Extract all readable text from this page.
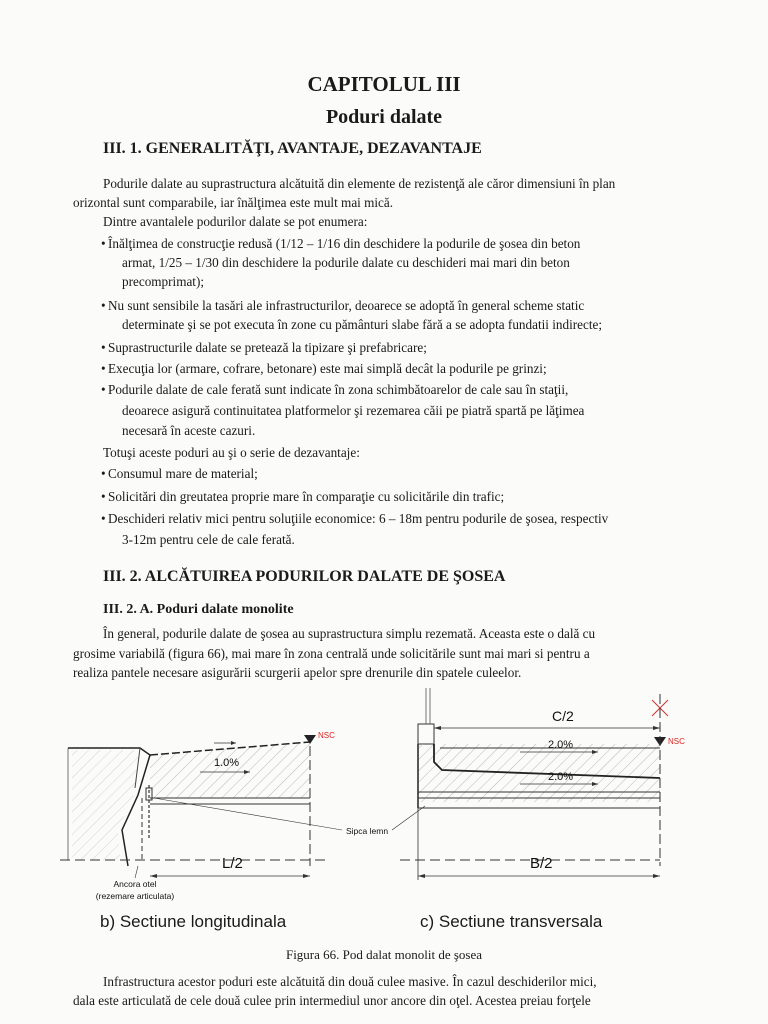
CAPITOLUL III
Poduri dalate
III. 1. GENERALITĂŢI, AVANTAJE, DEZAVANTAJE
Podurile dalate au suprastructura alcătuită din elemente de rezistenţă ale căror dimensiuni în plan
orizontal sunt comparabile, iar înălţimea este mult mai mică.
Dintre avantalele podurilor dalate se pot enumera:
• Înălţimea de construcţie redusă (1/12 – 1/16 din deschidere la podurile de şosea din beton
armat, 1/25 – 1/30 din deschidere la podurile dalate cu deschideri mai mari din beton
precomprimat);
• Nu sunt sensibile la tasări ale infrastructurilor, deoarece se adoptă în general scheme static
determinate şi se pot executa în zone cu pământuri slabe fără a se adopta fundatii indirecte;
• Suprastructurile dalate se pretează la tipizare şi prefabricare;
• Execuţia lor (armare, cofrare, betonare) este mai simplă decât la podurile pe grinzi;
• Podurile dalate de cale ferată sunt indicate în zona schimbătoarelor de cale sau în staţii,
deoarece asigură continuitatea platformelor şi rezemarea căii pe piatră spartă pe lăţimea
necesară în aceste cazuri.
Totuşi aceste poduri au şi o serie de dezavantaje:
• Consumul mare de material;
• Solicitări din greutatea proprie mare în comparaţie cu solicitările din trafic;
• Deschideri relativ mici pentru soluţiile economice: 6 – 18m pentru podurile de şosea, respectiv
3-12m pentru cele de cale ferată.
III. 2. ALCĂTUIREA PODURILOR DALATE DE ŞOSEA
III. 2. A. Poduri dalate monolite
În general, podurile dalate de şosea au suprastructura simplu rezemată. Aceasta este o dală cu
grosime variabilă (figura 66), mai mare în zona centrală unde solicitările sunt mai mari si pentru a
realiza pantele necesare asigurării scurgerii apelor spre drenurile din spatele culeelor.
1.0%
NSC
L/2
Ancora otel
(rezemare articulata)
Sipca lemn
C/2
2.0%
2.0%
NSC
B/2
b) Sectiune longitudinala	c) Sectiune transversala
Figura 66. Pod dalat monolit de şosea
Infrastructura acestor poduri este alcătuită din două culee masive. În cazul deschiderilor mici,
dala este articulată de cele două culee prin intermediul unor ancore din oţel. Acestea preiau forţele
